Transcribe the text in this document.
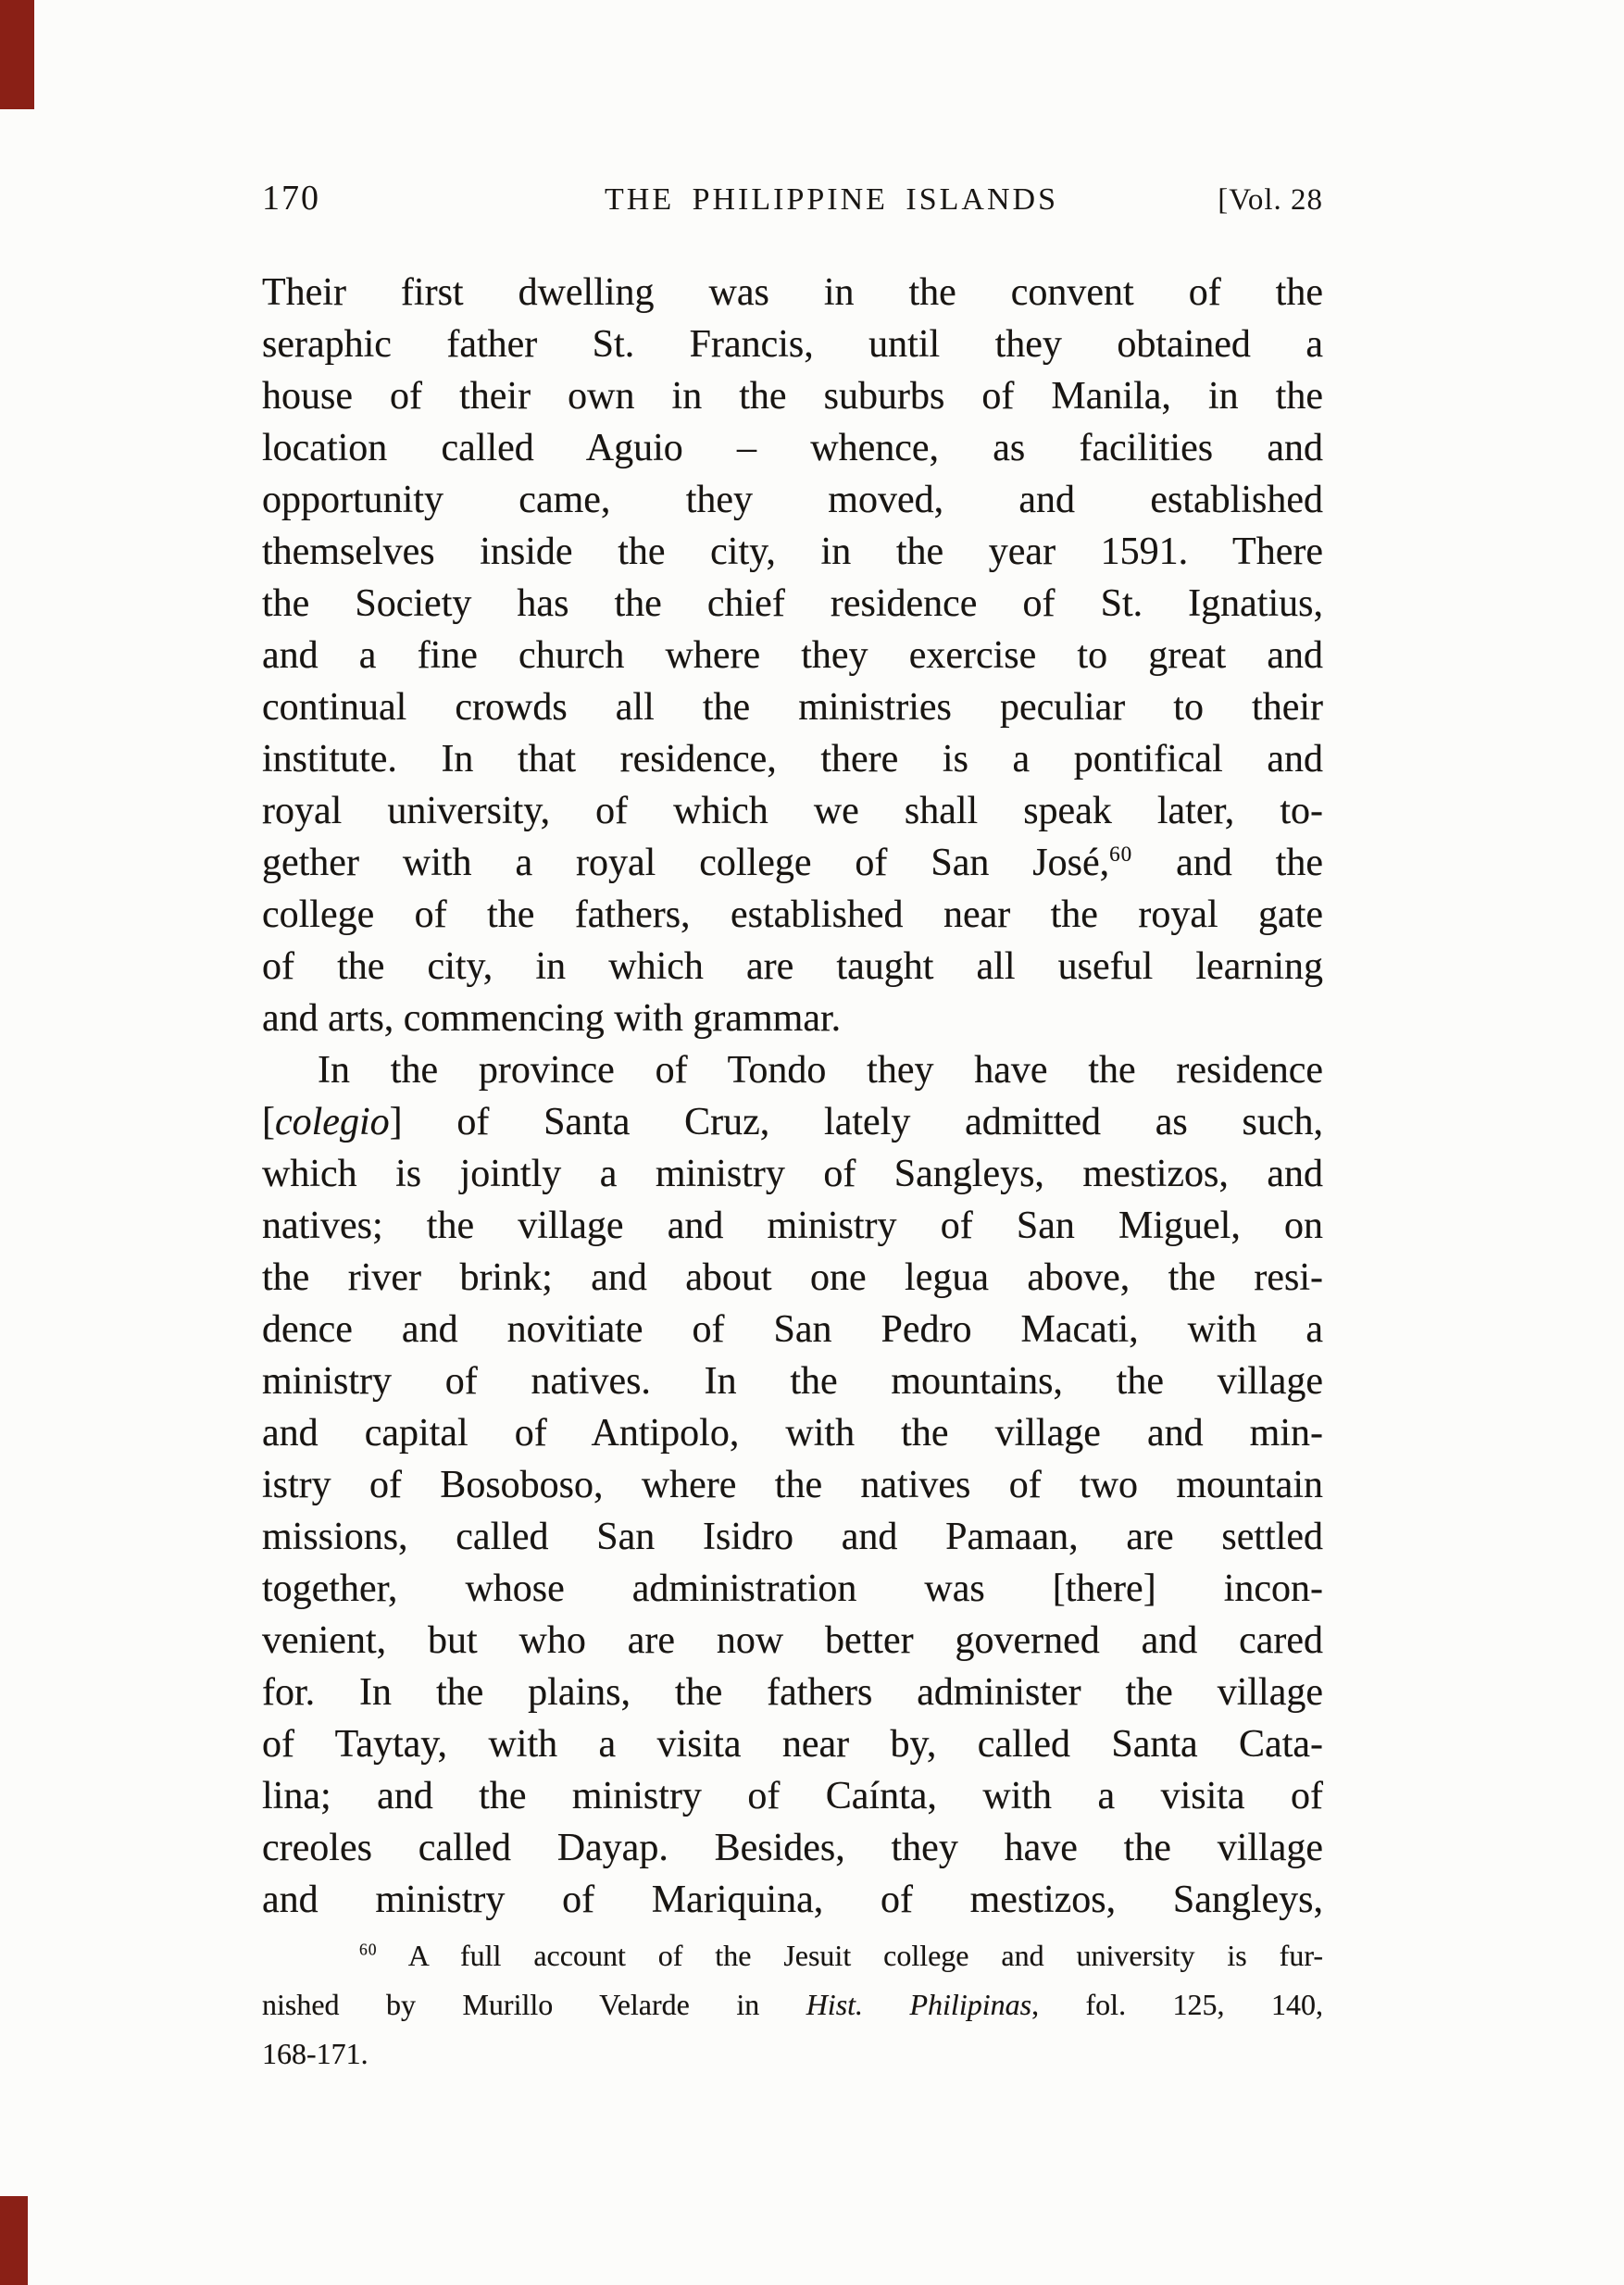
170	THE PHILIPPINE ISLANDS	[Vol. 28
Their first dwelling was in the convent of the
seraphic father St. Francis, until they obtained a
house of their own in the suburbs of Manila, in the
location called Aguio – whence, as facilities and
opportunity came, they moved, and established
themselves inside the city, in the year 1591. There
the Society has the chief residence of St. Ignatius,
and a fine church where they exercise to great and
continual crowds all the ministries peculiar to their
institute. In that residence, there is a pontifical and
royal university, of which we shall speak later, to-
gether with a royal college of San José,$^{60}$ and the
college of the fathers, established near the royal gate
of the city, in which are taught all useful learning
and arts, commencing with grammar.
In the province of Tondo they have the residence
[colegio] of Santa Cruz, lately admitted as such,
which is jointly a ministry of Sangleys, mestizos, and
natives; the village and ministry of San Miguel, on
the river brink; and about one legua above, the resi-
dence and novitiate of San Pedro Macati, with a
ministry of natives. In the mountains, the village
and capital of Antipolo, with the village and min-
istry of Bosoboso, where the natives of two mountain
missions, called San Isidro and Pamaan, are settled
together, whose administration was [there] incon-
venient, but who are now better governed and cared
for. In the plains, the fathers administer the village
of Taytay, with a visita near by, called Santa Cata-
lina; and the ministry of Caínta, with a visita of
creoles called Dayap. Besides, they have the village
and ministry of Mariquina, of mestizos, Sangleys,
$^{60}$ A full account of the Jesuit college and university is fur-
nished by Murillo Velarde in Hist. Philipinas, fol. 125, 140,
168-171.
